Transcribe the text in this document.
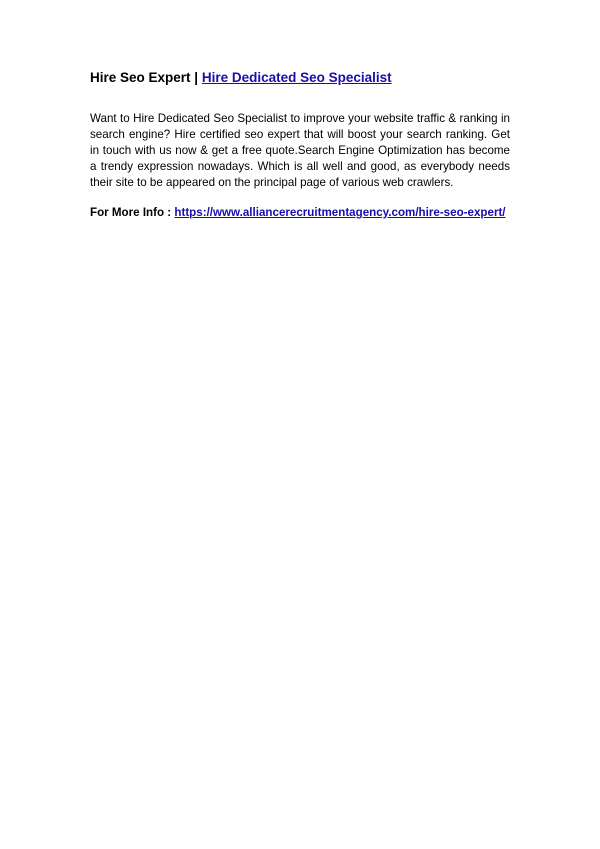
Hire Seo Expert | Hire Dedicated Seo Specialist

Want to Hire Dedicated Seo Specialist to improve your website traffic & ranking in search engine? Hire certified seo expert that will boost your search ranking. Get in touch with us now & get a free quote.Search Engine Optimization has become a trendy expression nowadays. Which is all well and good, as everybody needs their site to be appeared on the principal page of various web crawlers.

For More Info : https://www.alliancerecruitmentagency.com/hire-seo-expert/
